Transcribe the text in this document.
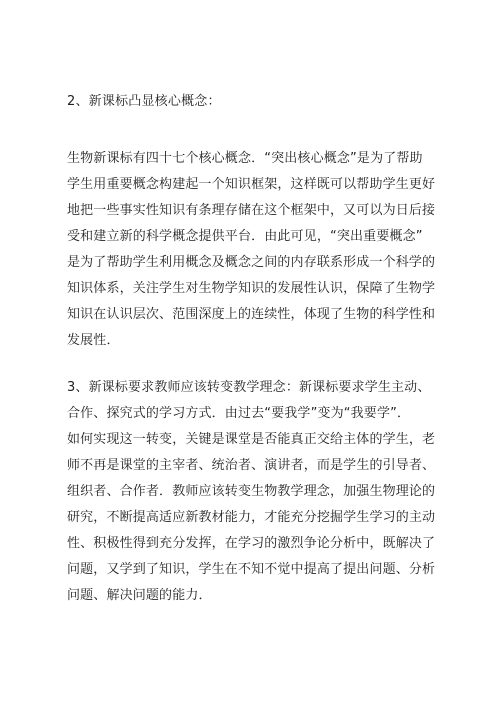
2、新课标凸显核心概念：
生物新课标有四十七个核心概念．“突出核心概念”是为了帮助
学生用重要概念构建起一个知识框架，这样既可以帮助学生更好
地把一些事实性知识有条理存储在这个框架中，又可以为日后接
受和建立新的科学概念提供平台．由此可见，“突出重要概念”
是为了帮助学生利用概念及概念之间的内存联系形成一个科学的
知识体系，关注学生对生物学知识的发展性认识，保障了生物学
知识在认识层次、范围深度上的连续性，体现了生物的科学性和
发展性．
3、新课标要求教师应该转变教学理念：新课标要求学生主动、
合作、探究式的学习方式．由过去“要我学”变为“我要学”．
如何实现这一转变，关键是课堂是否能真正交给主体的学生，老
师不再是课堂的主宰者、统治者、演讲者，而是学生的引导者、
组织者、合作者．教师应该转变生物教学理念，加强生物理论的
研究，不断提高适应新教材能力，才能充分挖掘学生学习的主动
性、积极性得到充分发挥，在学习的激烈争论分析中，既解决了
问题，又学到了知识，学生在不知不觉中提高了提出问题、分析
问题、解决问题的能力．
